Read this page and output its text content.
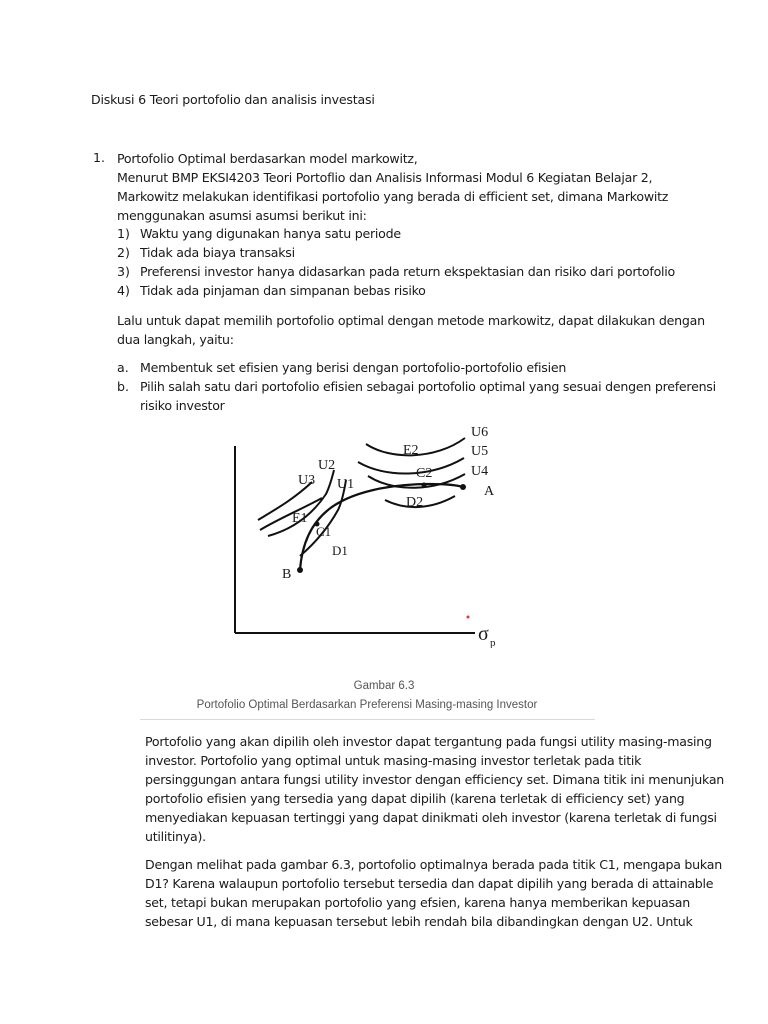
Diskusi 6 Teori portofolio dan analisis investasi
1. Portofolio Optimal berdasarkan model markowitz,
Menurut BMP EKSI4203 Teori Portoflio dan Analisis Informasi Modul 6 Kegiatan Belajar 2,
Markowitz melakukan identifikasi portofolio yang berada di efficient set, dimana Markowitz
menggunakan asumsi asumsi berikut ini:
1) Waktu yang digunakan hanya satu periode
2) Tidak ada biaya transaksi
3) Preferensi investor hanya didasarkan pada return ekspektasian dan risiko dari portofolio
4) Tidak ada pinjaman dan simpanan bebas risiko
Lalu untuk dapat memilih portofolio optimal dengan metode markowitz, dapat dilakukan dengan
dua langkah, yaitu:
a. Membentuk set efisien yang berisi dengan portofolio-portofolio efisien
b. Pilih salah satu dari portofolio efisien sebagai portofolio optimal yang sesuai dengen preferensi
risiko investor
U6
U5
U4
E2
C2
D2
A
U3
U2
U1
E1
C1
D1
B
σ p
Gambar 6.3
Portofolio Optimal Berdasarkan Preferensi Masing-masing Investor
Portofolio yang akan dipilih oleh investor dapat tergantung pada fungsi utility masing-masing
investor. Portofolio yang optimal untuk masing-masing investor terletak pada titik
persinggungan antara fungsi utility investor dengan efficiency set. Dimana titik ini menunjukan
portofolio efisien yang tersedia yang dapat dipilih (karena terletak di efficiency set) yang
menyediakan kepuasan tertinggi yang dapat dinikmati oleh investor (karena terletak di fungsi
utilitinya).
Dengan melihat pada gambar 6.3, portofolio optimalnya berada pada titik C1, mengapa bukan
D1? Karena walaupun portofolio tersebut tersedia dan dapat dipilih yang berada di attainable
set, tetapi bukan merupakan portofolio yang efsien, karena hanya memberikan kepuasan
sebesar U1, di mana kepuasan tersebut lebih rendah bila dibandingkan dengan U2. Untuk
